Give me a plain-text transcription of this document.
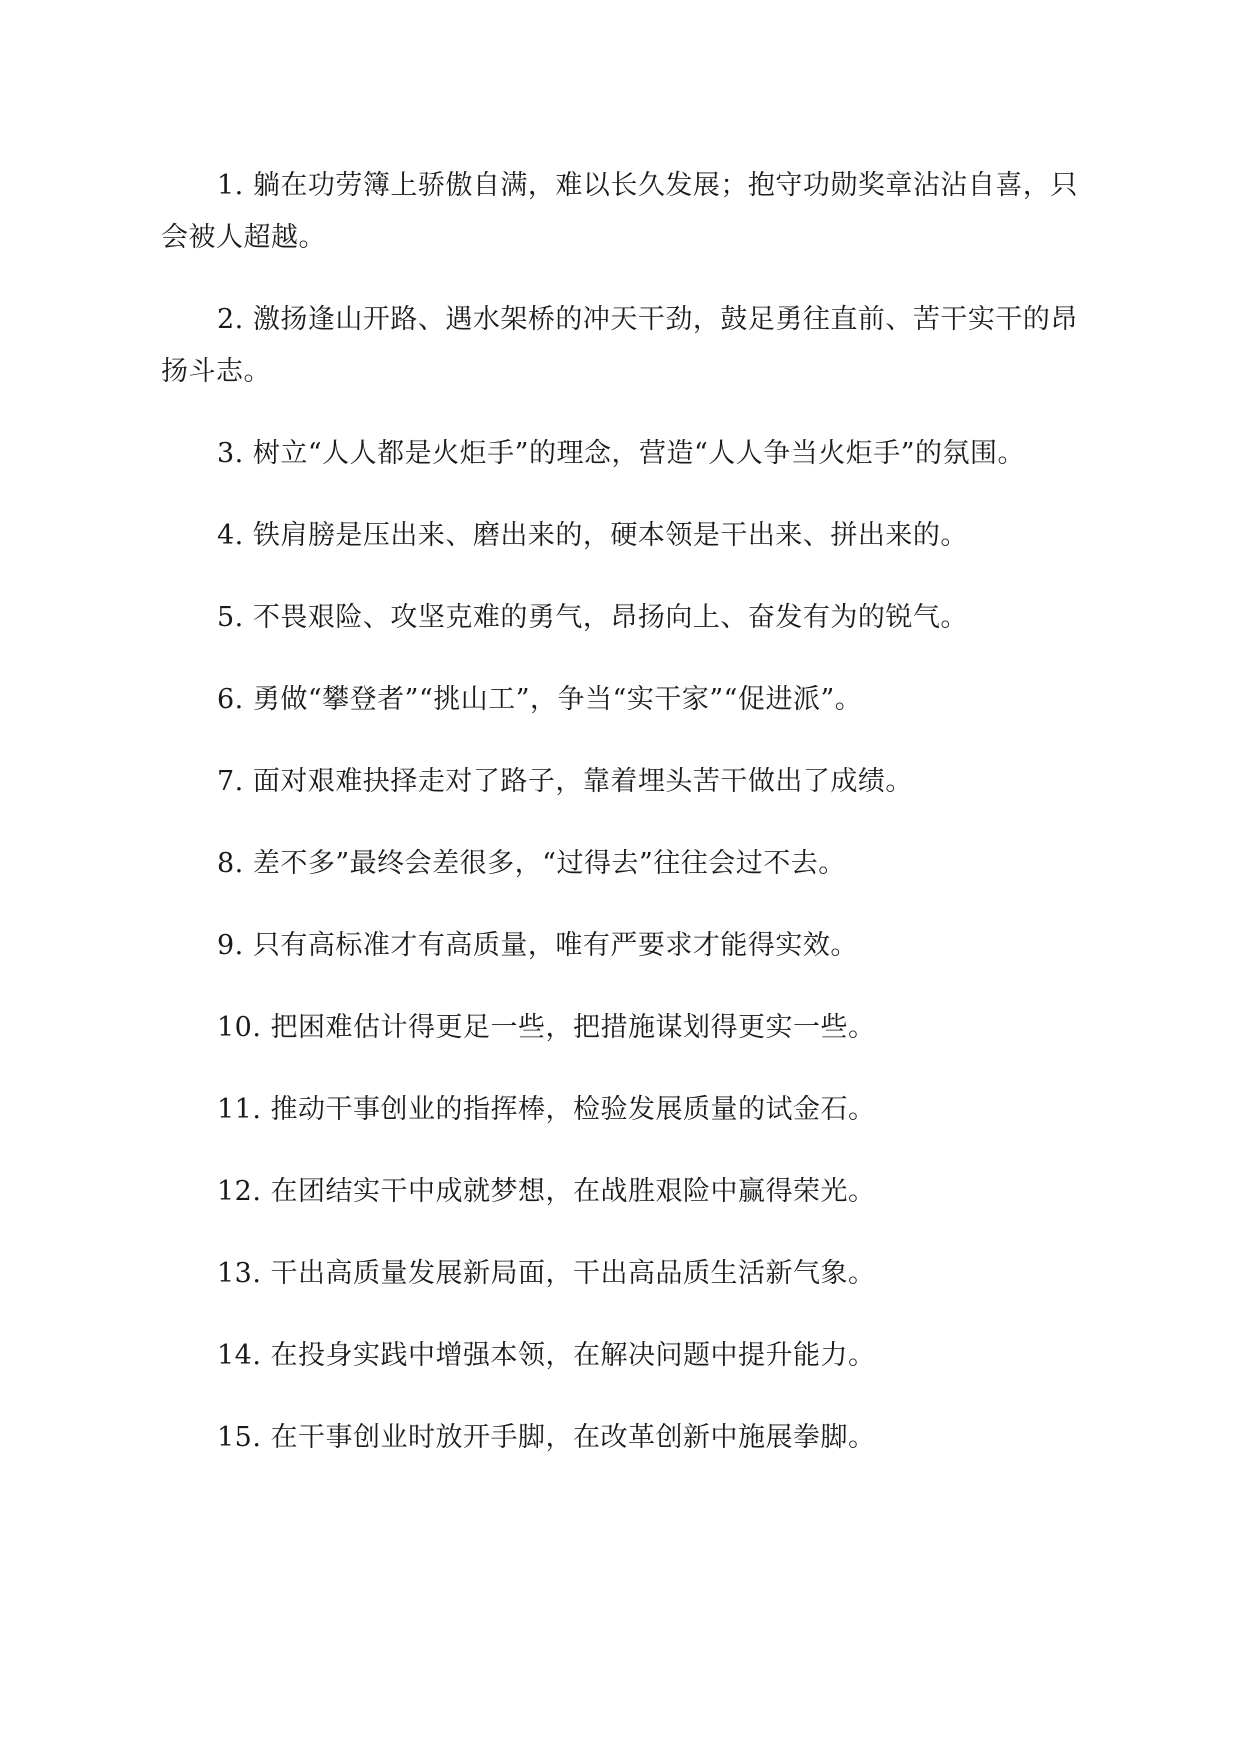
1. 躺在功劳簿上骄傲自满，难以长久发展；抱守功勋奖章沾沾自喜，只会被人超越。

2. 激扬逢山开路、遇水架桥的冲天干劲，鼓足勇往直前、苦干实干的昂扬斗志。

3. 树立“人人都是火炬手”的理念，营造“人人争当火炬手”的氛围。

4. 铁肩膀是压出来、磨出来的，硬本领是干出来、拼出来的。

5. 不畏艰险、攻坚克难的勇气，昂扬向上、奋发有为的锐气。

6. 勇做“攀登者”“挑山工”，争当“实干家”“促进派”。

7. 面对艰难抉择走对了路子，靠着埋头苦干做出了成绩。

8. 差不多”最终会差很多，“过得去”往往会过不去。

9. 只有高标准才有高质量，唯有严要求才能得实效。

10. 把困难估计得更足一些，把措施谋划得更实一些。

11. 推动干事创业的指挥棒，检验发展质量的试金石。

12. 在团结实干中成就梦想，在战胜艰险中赢得荣光。

13. 干出高质量发展新局面，干出高品质生活新气象。

14. 在投身实践中增强本领，在解决问题中提升能力。

15. 在干事创业时放开手脚，在改革创新中施展拳脚。
